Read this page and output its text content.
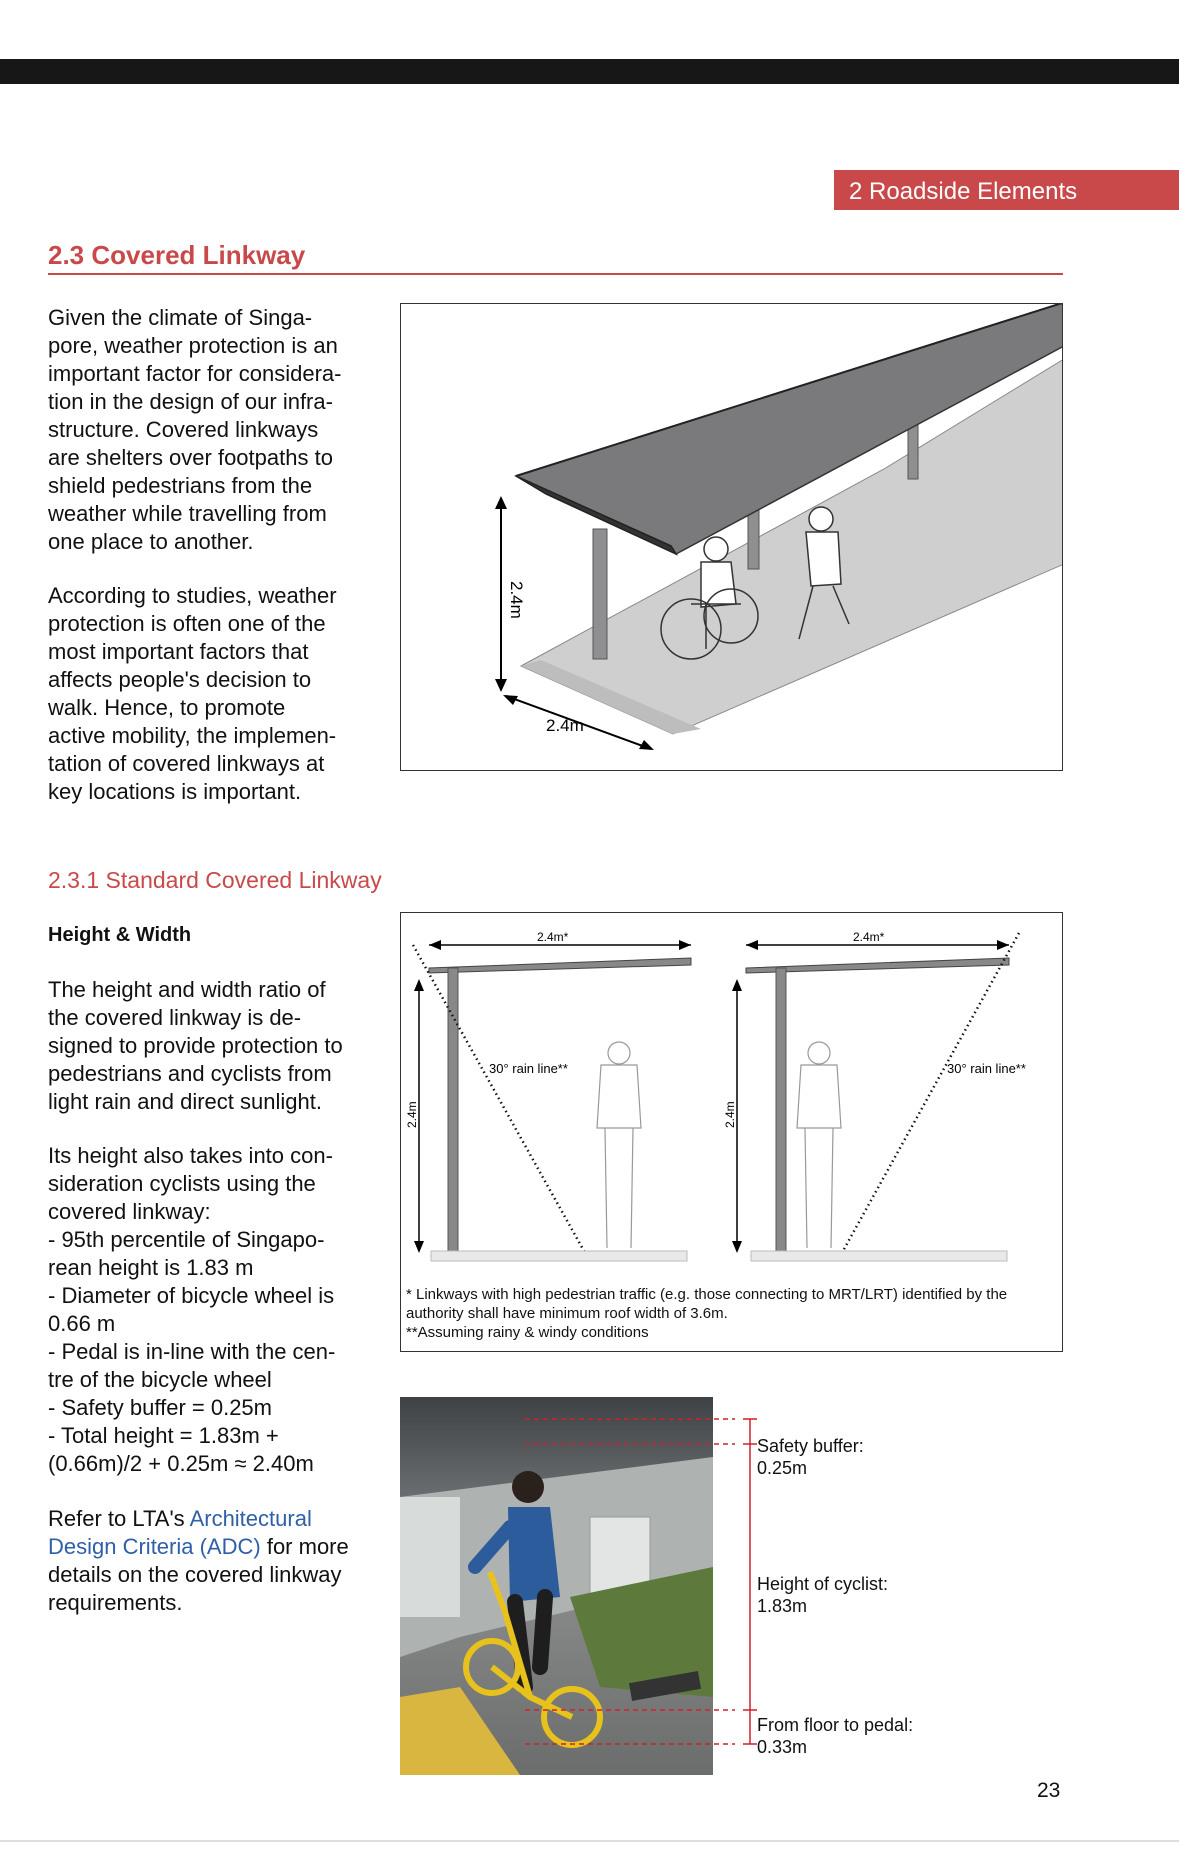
2 Roadside Elements
2.3 Covered Linkway

Given the climate of Singa-
pore, weather protection is an
important factor for considera-
tion in the design of our infra-
structure. Covered linkways
are shelters over footpaths to
shield pedestrians from the
weather while travelling from
one place to another.

According to studies, weather
protection is often one of the
most important factors that
affects people's decision to
walk. Hence, to promote
active mobility, the implemen-
tation of covered linkways at
key locations is important.

2.4m
2.4m
2.3.1 Standard Covered Linkway
Height & Width

The height and width ratio of
the covered linkway is de-
signed to provide protection to
pedestrians and cyclists from
light rain and direct sunlight.

Its height also takes into con-
sideration cyclists using the
covered linkway:
- 95th percentile of Singapo-
rean height is 1.83 m
- Diameter of bicycle wheel is
0.66 m
- Pedal is in-line with the cen-
tre of the bicycle wheel
- Safety buffer = 0.25m
- Total height = 1.83m +
(0.66m)/2 + 0.25m ≈ 2.40m

Refer to LTA's Architectural Design Criteria (ADC) for more details on the covered linkway requirements.
2.4m*
2.4m
30° rain line**
2.4m*
2.4m
30° rain line**

* Linkways with high pedestrian traffic (e.g. those connecting to MRT/LRT) identified by the authority shall have minimum roof width of 3.6m.

**Assuming rainy & windy conditions

Safety buffer:
0.25m
Height of cyclist:
1.83m
From floor to pedal:
0.33m
23
